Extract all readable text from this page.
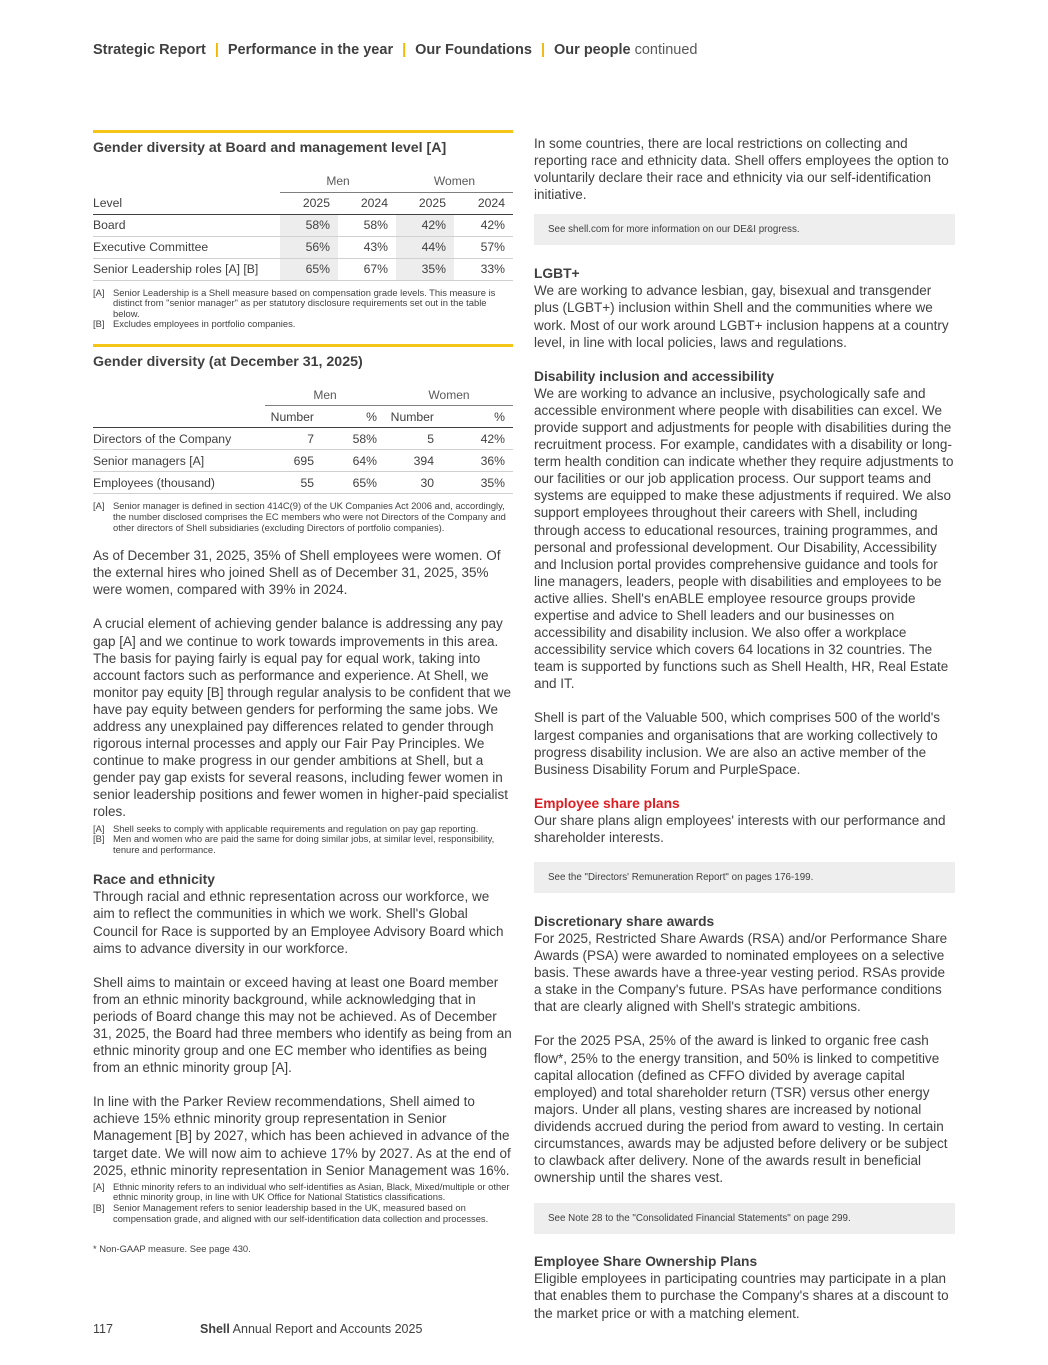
Strategic Report | Performance in the year | Our Foundations | Our people continued
Gender diversity at Board and management level [A]
	Men		Women	
Level	2025	2024	2025	2024
Board	58%	58%	42%	42%
Executive Committee	56%	43%	44%	57%
Senior Leadership roles [A] [B]	65%	67%	35%	33%
[A] Senior Leadership is a Shell measure based on compensation grade levels. This measure is distinct from "senior manager" as per statutory disclosure requirements set out in the table below.
[B] Excludes employees in portfolio companies.
Gender diversity (at December 31, 2025)
	Men		Women	
	Number	%	Number	%
Directors of the Company	7	58%	5	42%
Senior managers [A]	695	64%	394	36%
Employees (thousand)	55	65%	30	35%
[A] Senior manager is defined in section 414C(9) of the UK Companies Act 2006 and, accordingly, the number disclosed comprises the EC members who were not Directors of the Company and other directors of Shell subsidiaries (excluding Directors of portfolio companies).
As of December 31, 2025, 35% of Shell employees were women. Of the external hires who joined Shell as of December 31, 2025, 35% were women, compared with 39% in 2024.
A crucial element of achieving gender balance is addressing any pay gap [A] and we continue to work towards improvements in this area. The basis for paying fairly is equal pay for equal work, taking into account factors such as performance and experience. At Shell, we monitor pay equity [B] through regular analysis to be confident that we have pay equity between genders for performing the same jobs. We address any unexplained pay differences related to gender through rigorous internal processes and apply our Fair Pay Principles. We continue to make progress in our gender ambitions at Shell, but a gender pay gap exists for several reasons, including fewer women in senior leadership positions and fewer women in higher-paid specialist roles.
[A] Shell seeks to comply with applicable requirements and regulation on pay gap reporting.
[B] Men and women who are paid the same for doing similar jobs, at similar level, responsibility, tenure and performance.
Race and ethnicity
Through racial and ethnic representation across our workforce, we aim to reflect the communities in which we work. Shell's Global Council for Race is supported by an Employee Advisory Board which aims to advance diversity in our workforce.
Shell aims to maintain or exceed having at least one Board member from an ethnic minority background, while acknowledging that in periods of Board change this may not be achieved. As of December 31, 2025, the Board had three members who identify as being from an ethnic minority group and one EC member who identifies as being from an ethnic minority group [A].
In line with the Parker Review recommendations, Shell aimed to achieve 15% ethnic minority group representation in Senior Management [B] by 2027, which has been achieved in advance of the target date. We will now aim to achieve 17% by 2027. As at the end of 2025, ethnic minority representation in Senior Management was 16%.
[A] Ethnic minority refers to an individual who self-identifies as Asian, Black, Mixed/multiple or other ethnic minority group, in line with UK Office for National Statistics classifications.
[B] Senior Management refers to senior leadership based in the UK, measured based on compensation grade, and aligned with our self-identification data collection and processes.
* Non-GAAP measure. See page 430.
In some countries, there are local restrictions on collecting and reporting race and ethnicity data. Shell offers employees the option to voluntarily declare their race and ethnicity via our self-identification initiative.
See shell.com for more information on our DE&I progress.
LGBT+
We are working to advance lesbian, gay, bisexual and transgender plus (LGBT+) inclusion within Shell and the communities where we work. Most of our work around LGBT+ inclusion happens at a country level, in line with local policies, laws and regulations.
Disability inclusion and accessibility
We are working to advance an inclusive, psychologically safe and accessible environment where people with disabilities can excel. We provide support and adjustments for people with disabilities during the recruitment process. For example, candidates with a disability or long-term health condition can indicate whether they require adjustments to our facilities or our job application process. Our support teams and systems are equipped to make these adjustments if required. We also support employees throughout their careers with Shell, including through access to educational resources, training programmes, and personal and professional development. Our Disability, Accessibility and Inclusion portal provides comprehensive guidance and tools for line managers, leaders, people with disabilities and employees to be active allies. Shell's enABLE employee resource groups provide expertise and advice to Shell leaders and our businesses on accessibility and disability inclusion. We also offer a workplace accessibility service which covers 64 locations in 32 countries. The team is supported by functions such as Shell Health, HR, Real Estate and IT.
Shell is part of the Valuable 500, which comprises 500 of the world's largest companies and organisations that are working collectively to progress disability inclusion. We are also an active member of the Business Disability Forum and PurpleSpace.
Employee share plans
Our share plans align employees' interests with our performance and shareholder interests.
See the "Directors' Remuneration Report" on pages 176-199.
Discretionary share awards
For 2025, Restricted Share Awards (RSA) and/or Performance Share Awards (PSA) were awarded to nominated employees on a selective basis. These awards have a three-year vesting period. RSAs provide a stake in the Company's future. PSAs have performance conditions that are clearly aligned with Shell's strategic ambitions.
For the 2025 PSA, 25% of the award is linked to organic free cash flow*, 25% to the energy transition, and 50% is linked to competitive capital allocation (defined as CFFO divided by average capital employed) and total shareholder return (TSR) versus other energy majors. Under all plans, vesting shares are increased by notional dividends accrued during the period from award to vesting. In certain circumstances, awards may be adjusted before delivery or be subject to clawback after delivery. None of the awards result in beneficial ownership until the shares vest.
See Note 28 to the "Consolidated Financial Statements" on page 299.
Employee Share Ownership Plans
Eligible employees in participating countries may participate in a plan that enables them to purchase the Company's shares at a discount to the market price or with a matching element.
117	Shell Annual Report and Accounts 2025
